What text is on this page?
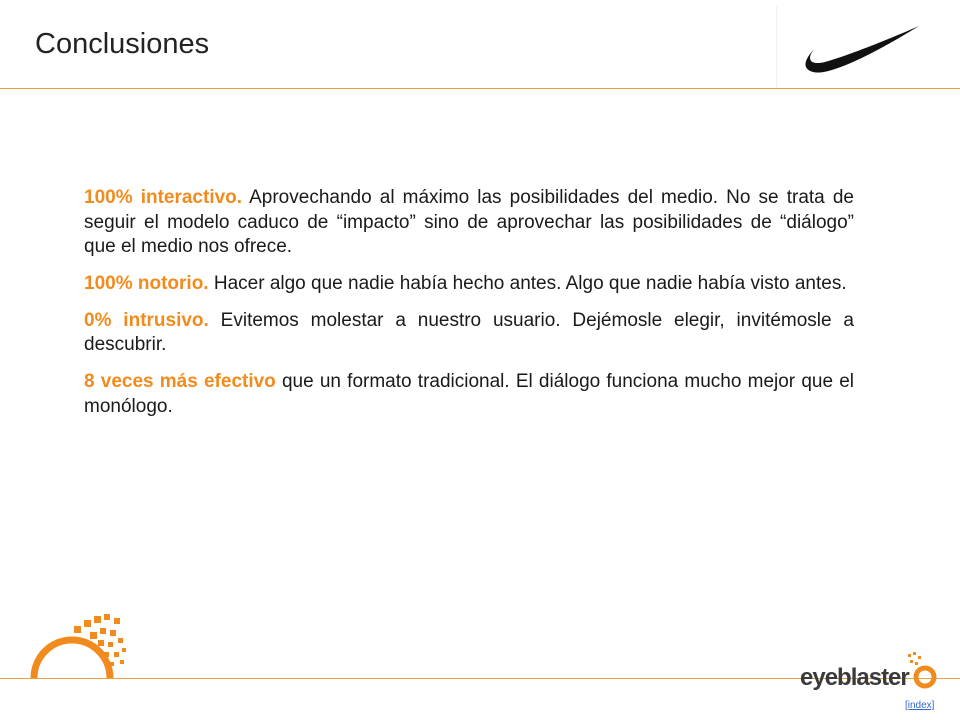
Conclusiones

100% interactivo. Aprovechando al máximo las posibilidades del medio. No se trata de seguir el modelo caduco de “impacto” sino de aprovechar las posibilidades de “diálogo” que el medio nos ofrece.

100% notorio. Hacer algo que nadie había hecho antes. Algo que nadie había visto antes.

0% intrusivo. Evitemos molestar a nuestro usuario. Dejémosle elegir, invitémosle a descubrir.

8 veces más efectivo que un formato tradicional. El diálogo funciona mucho mejor que el monólogo.

eyeblaster
[index]
